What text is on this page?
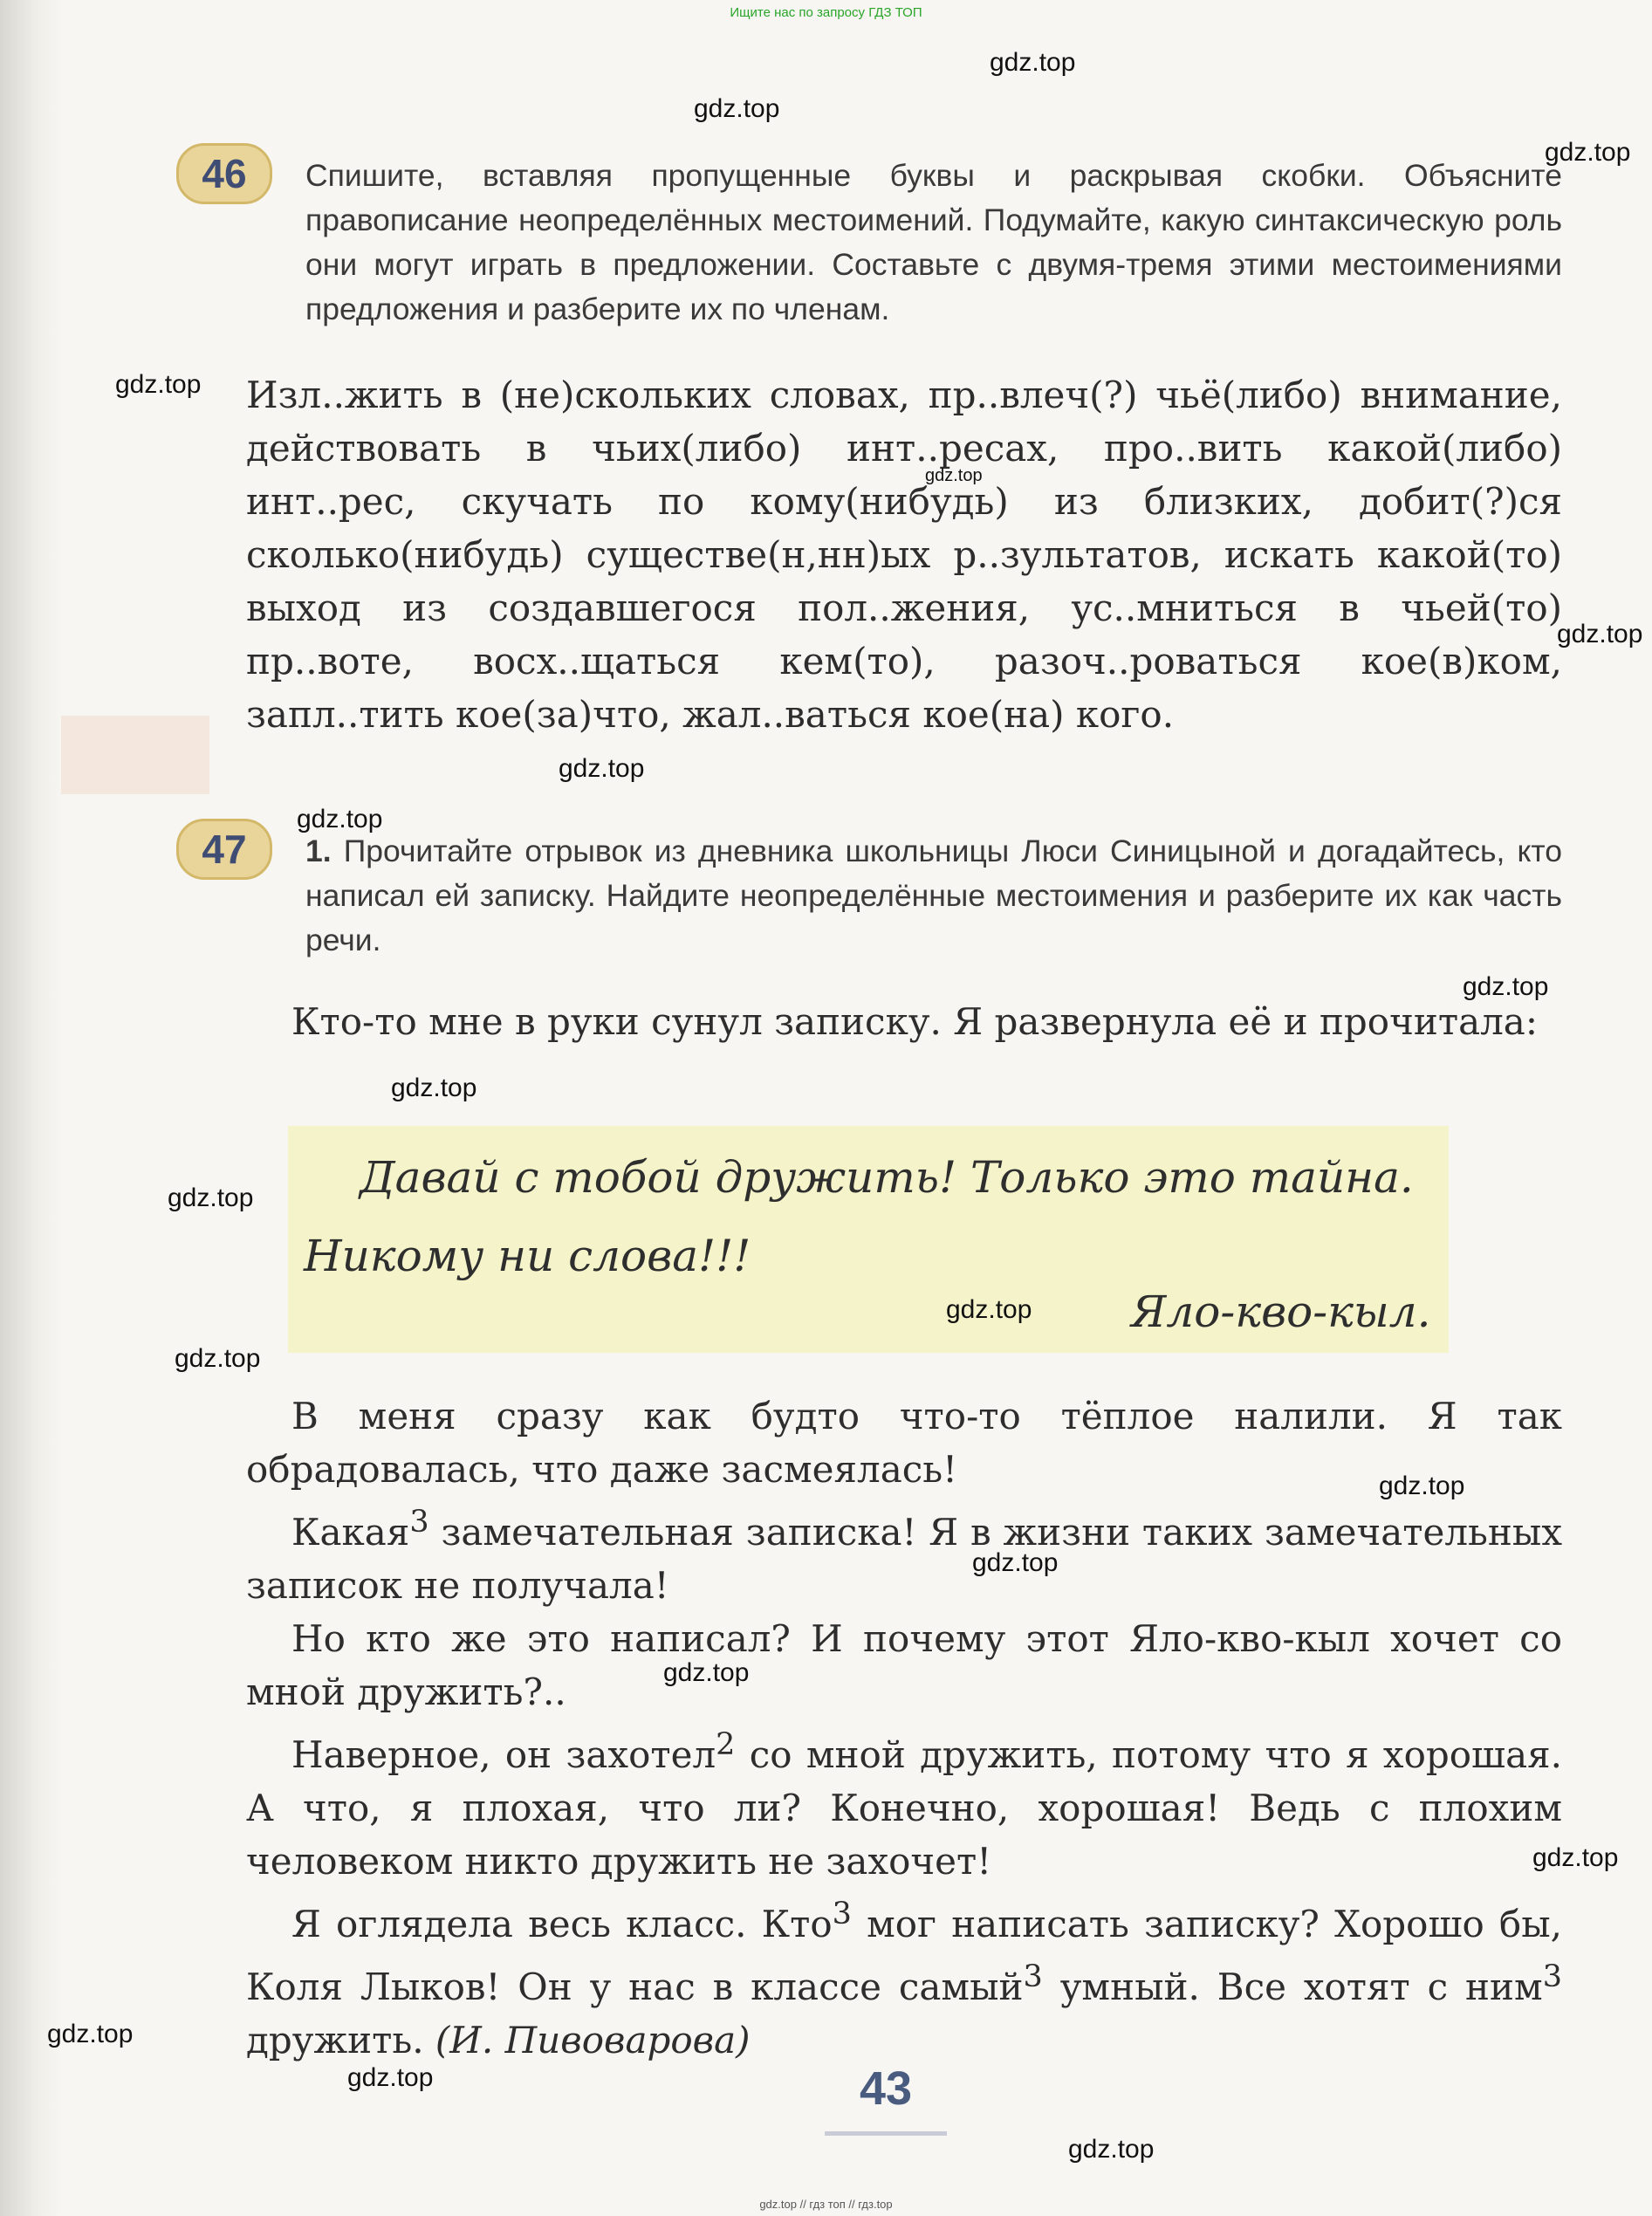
Ищите нас по запросу ГДЗ ТОП
46	Спишите, вставляя пропущенные буквы и раскрывая скобки. Объясните правописание неопределённых местоимений. Подумайте, какую синтаксическую роль они могут играть в предложении. Составьте с двумя-тремя этими местоимениями предложения и разберите их по членам.

Изл..жить в (не)скольких словах, пр..влеч(?) чьё(либо) внимание, действовать в чьих(либо) инт..ресах, про..вить какой(либо) инт..рес, скучать по кому(нибудь) из близких, добит(?)ся сколько(нибудь) существе(н,нн)ых р..зультатов, искать какой(то) выход из создавшегося пол..жения, ус..мниться в чьей(то) пр..воте, восх..щаться кем(то), разоч..роваться кое(в)ком, запл..тить кое(за)что, жал..ваться кое(на) кого.

47	1. Прочитайте отрывок из дневника школьницы Люси Синицыной и догадайтесь, кто написал ей записку. Найдите неопределённые местоимения и разберите их как часть речи.

Кто-то мне в руки сунул записку. Я развернула её и прочитала:

Давай с тобой дружить! Только это тайна.
Никому ни слова!!!
Яло-кво-кыл.

В меня сразу как будто что-то тёплое налили. Я так обрадовалась, что даже засмеялась!

Какая$^3$ замечательная записка! Я в жизни таких замечательных записок не получала!

Но кто же это написал? И почему этот Яло-кво-кыл хочет со мной дружить?..

Наверное, он захотел$^2$ со мной дружить, потому что я хорошая. А что, я плохая, что ли? Конечно, хорошая! Ведь с плохим человеком никто дружить не захочет!

Я оглядела весь класс. Кто$^3$ мог написать записку? Хорошо бы, Коля Лыков! Он у нас в классе самый$^3$ умный. Все хотят с ним$^3$ дружить. (И. Пивоварова)

43
gdz.top
gdz.top
gdz.top
gdz.top
gdz.top
gdz.top
gdz.top
gdz.top
gdz.top
gdz.top
gdz.top
gdz.top
gdz.top
gdz.top
gdz.top
gdz.top
gdz.top
gdz.top
gdz.top
gdz.top
gdz.top // гдз топ // гдз.top
